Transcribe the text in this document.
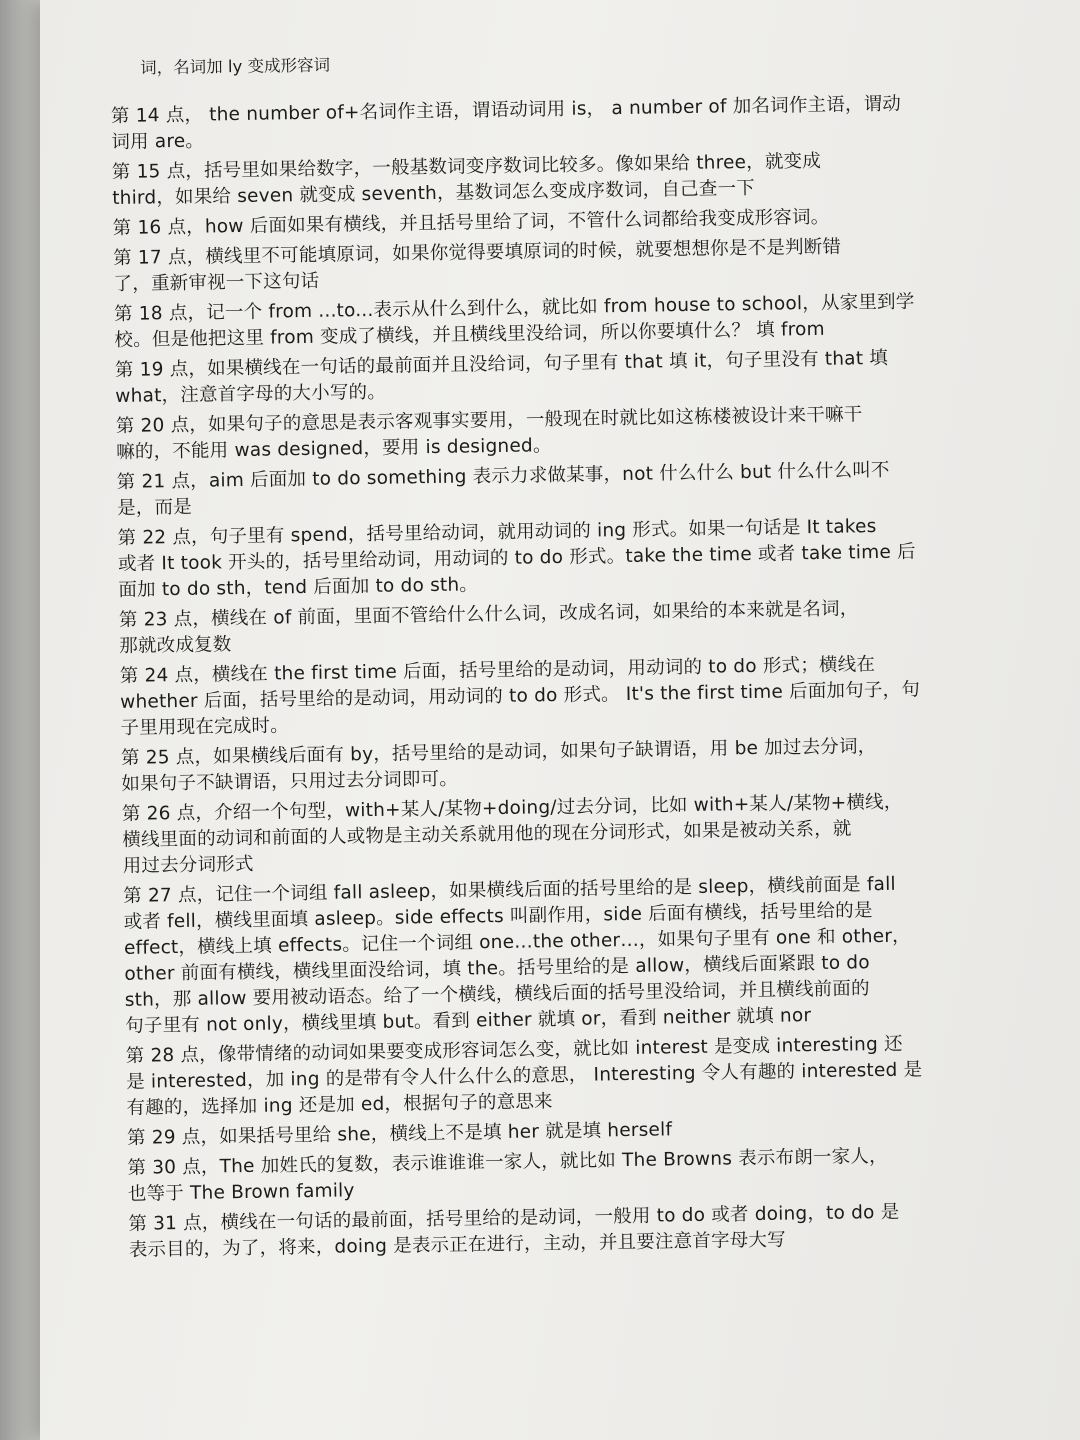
词，名词加 ly 变成形容词
第 14 点， the number of+名词作主语，谓语动词用 is， a number of 加名词作主语，谓动
词用 are。
第 15 点，括号里如果给数字，一般基数词变序数词比较多。像如果给 three，就变成
third，如果给 seven 就变成 seventh，基数词怎么变成序数词，自己查一下
第 16 点，how 后面如果有横线，并且括号里给了词，不管什么词都给我变成形容词。
第 17 点，横线里不可能填原词，如果你觉得要填原词的时候，就要想想你是不是判断错
了，重新审视一下这句话
第 18 点，记一个 from ...to...表示从什么到什么，就比如 from house to school，从家里到学
校。但是他把这里 from 变成了横线，并且横线里没给词，所以你要填什么？ 填 from
第 19 点，如果横线在一句话的最前面并且没给词，句子里有 that 填 it，句子里没有 that 填
what，注意首字母的大小写的。
第 20 点，如果句子的意思是表示客观事实要用，一般现在时就比如这栋楼被设计来干嘛干
嘛的，不能用 was designed，要用 is designed。
第 21 点，aim 后面加 to do something 表示力求做某事，not 什么什么 but 什么什么叫不
是，而是
第 22 点，句子里有 spend，括号里给动词，就用动词的 ing 形式。如果一句话是 It takes
或者 It took 开头的，括号里给动词，用动词的 to do 形式。take the time 或者 take time 后
面加 to do sth，tend 后面加 to do sth。
第 23 点，横线在 of 前面，里面不管给什么什么词，改成名词，如果给的本来就是名词，
那就改成复数
第 24 点，横线在 the first time 后面，括号里给的是动词，用动词的 to do 形式；横线在
whether 后面，括号里给的是动词，用动词的 to do 形式。 It's the first time 后面加句子，句
子里用现在完成时。
第 25 点，如果横线后面有 by，括号里给的是动词，如果句子缺谓语，用 be 加过去分词，
如果句子不缺谓语，只用过去分词即可。
第 26 点，介绍一个句型，with+某人/某物+doing/过去分词，比如 with+某人/某物+横线，
横线里面的动词和前面的人或物是主动关系就用他的现在分词形式，如果是被动关系，就
用过去分词形式
第 27 点，记住一个词组 fall asleep，如果横线后面的括号里给的是 sleep，横线前面是 fall
或者 fell，横线里面填 asleep。side effects 叫副作用，side 后面有横线，括号里给的是
effect，横线上填 effects。记住一个词组 one…the other…，如果句子里有 one 和 other，
other 前面有横线，横线里面没给词，填 the。括号里给的是 allow，横线后面紧跟 to do
sth，那 allow 要用被动语态。给了一个横线，横线后面的括号里没给词，并且横线前面的
句子里有 not only，横线里填 but。看到 either 就填 or，看到 neither 就填 nor
第 28 点，像带情绪的动词如果要变成形容词怎么变，就比如 interest 是变成 interesting 还
是 interested，加 ing 的是带有令人什么什么的意思， Interesting 令人有趣的 interested 是
有趣的，选择加 ing 还是加 ed，根据句子的意思来
第 29 点，如果括号里给 she，横线上不是填 her 就是填 herself
第 30 点，The 加姓氏的复数，表示谁谁谁一家人，就比如 The Browns 表示布朗一家人，
也等于 The Brown family
第 31 点，横线在一句话的最前面，括号里给的是动词，一般用 to do 或者 doing，to do 是
表示目的，为了，将来，doing 是表示正在进行，主动，并且要注意首字母大写
